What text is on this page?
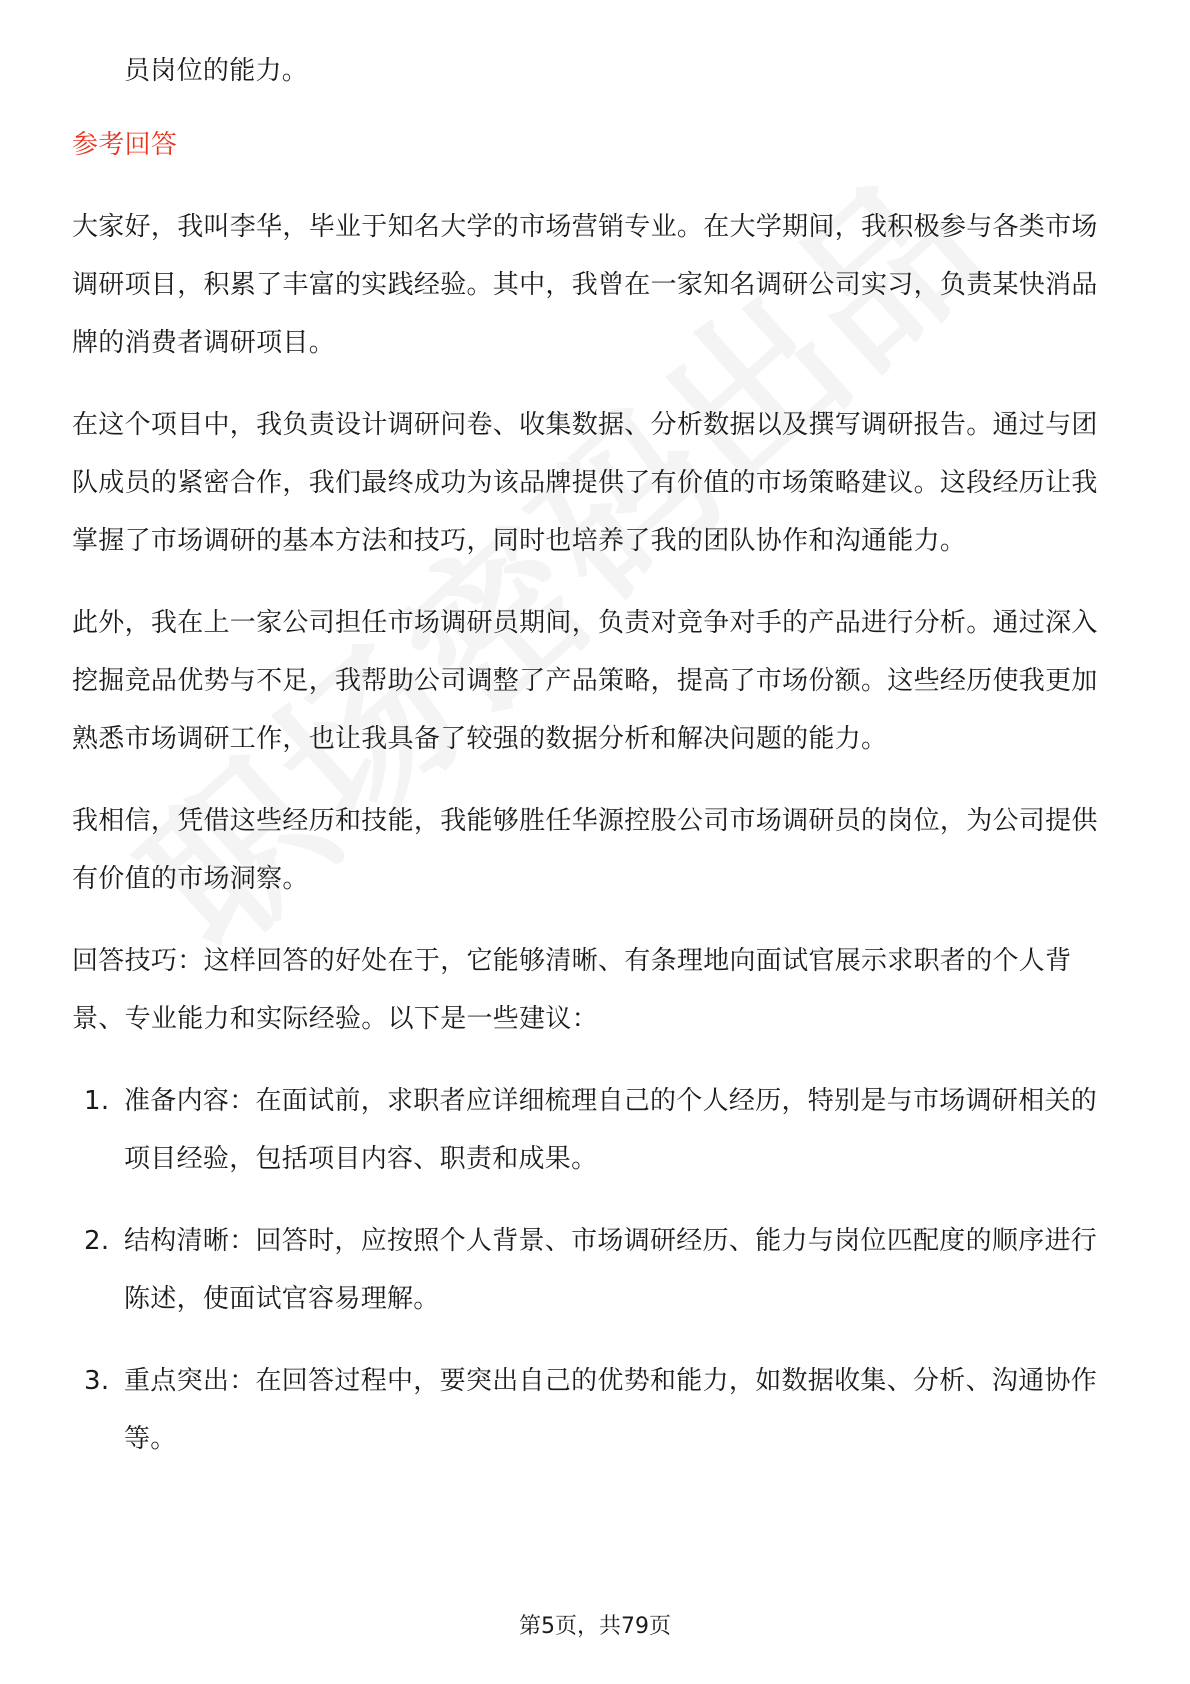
员岗位的能力。

参考回答

大家好，我叫李华，毕业于知名大学的市场营销专业。在大学期间，我积极参与各类市场调研项目，积累了丰富的实践经验。其中，我曾在一家知名调研公司实习，负责某快消品牌的消费者调研项目。

在这个项目中，我负责设计调研问卷、收集数据、分析数据以及撰写调研报告。通过与团队成员的紧密合作，我们最终成功为该品牌提供了有价值的市场策略建议。这段经历让我掌握了市场调研的基本方法和技巧，同时也培养了我的团队协作和沟通能力。

此外，我在上一家公司担任市场调研员期间，负责对竞争对手的产品进行分析。通过深入挖掘竞品优势与不足，我帮助公司调整了产品策略，提高了市场份额。这些经历使我更加熟悉市场调研工作，也让我具备了较强的数据分析和解决问题的能力。

我相信，凭借这些经历和技能，我能够胜任华源控股公司市场调研员的岗位，为公司提供有价值的市场洞察。

回答技巧：这样回答的好处在于，它能够清晰、有条理地向面试官展示求职者的个人背景、专业能力和实际经验。以下是一些建议：

1. 准备内容：在面试前，求职者应详细梳理自己的个人经历，特别是与市场调研相关的项目经验，包括项目内容、职责和成果。
2. 结构清晰：回答时，应按照个人背景、市场调研经历、能力与岗位匹配度的顺序进行陈述，使面试官容易理解。
3. 重点突出：在回答过程中，要突出自己的优势和能力，如数据收集、分析、沟通协作等。
第5页，共79页
